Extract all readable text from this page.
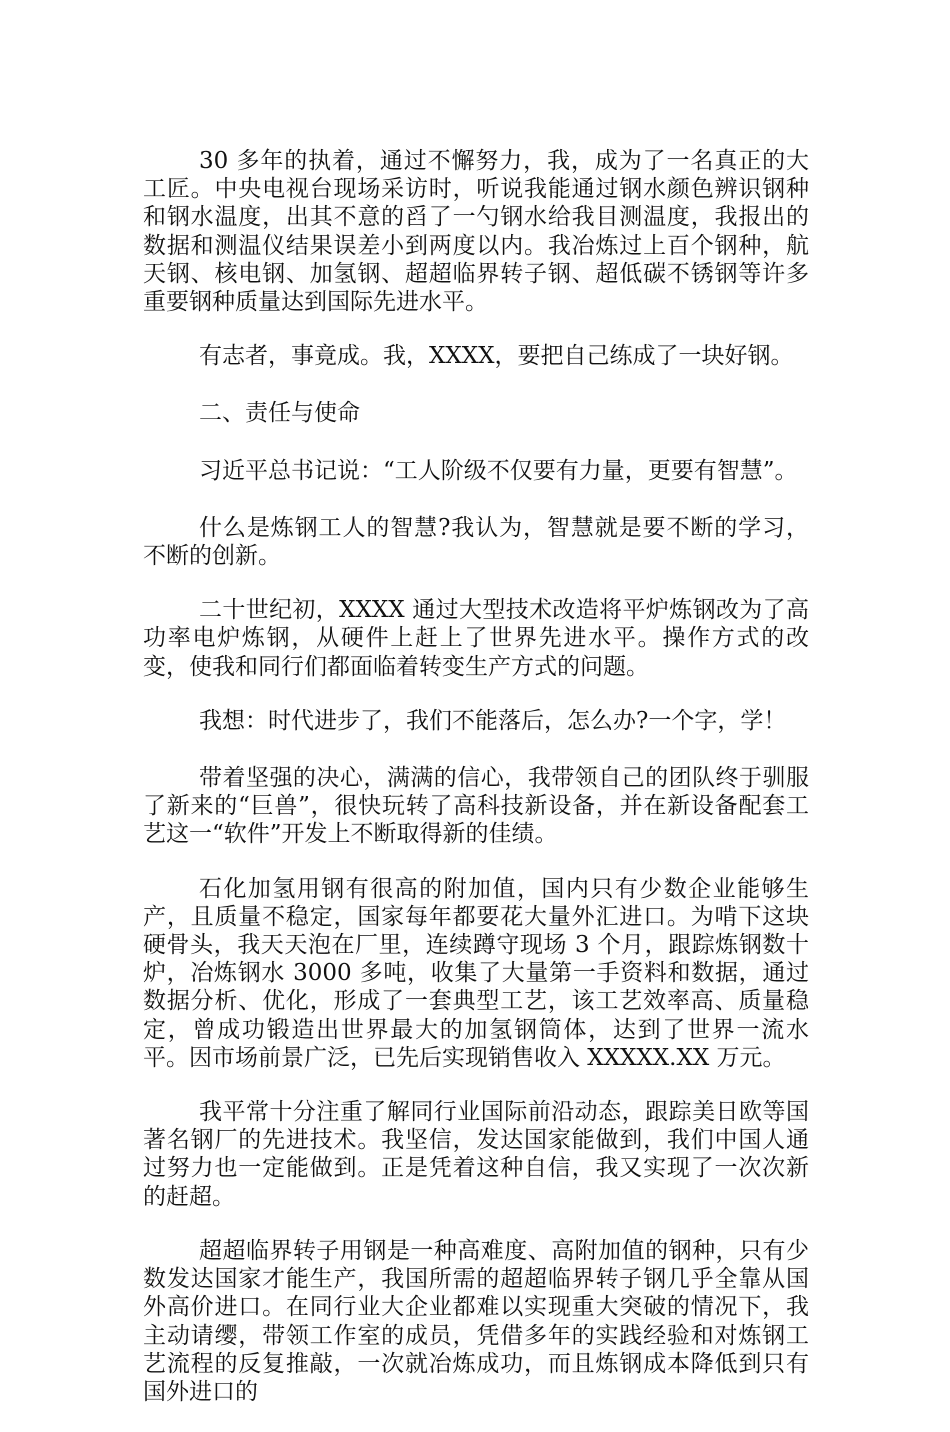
30 多年的执着，通过不懈努力，我，成为了一名真正的大工匠。中央电视台现场采访时，听说我能通过钢水颜色辨识钢种和钢水温度，出其不意的舀了一勺钢水给我目测温度，我报出的数据和测温仪结果误差小到两度以内。我冶炼过上百个钢种，航天钢、核电钢、加氢钢、超超临界转子钢、超低碳不锈钢等许多重要钢种质量达到国际先进水平。

有志者，事竟成。我，XXXX，要把自己练成了一块好钢。

二、责任与使命

习近平总书记说：“工人阶级不仅要有力量，更要有智慧”。

什么是炼钢工人的智慧?我认为，智慧就是要不断的学习，不断的创新。

二十世纪初，XXXX 通过大型技术改造将平炉炼钢改为了高功率电炉炼钢，从硬件上赶上了世界先进水平。操作方式的改变，使我和同行们都面临着转变生产方式的问题。

我想：时代进步了，我们不能落后，怎么办?一个字，学！

带着坚强的决心，满满的信心，我带领自己的团队终于驯服了新来的“巨兽”，很快玩转了高科技新设备，并在新设备配套工艺这一“软件”开发上不断取得新的佳绩。

石化加氢用钢有很高的附加值，国内只有少数企业能够生产，且质量不稳定，国家每年都要花大量外汇进口。为啃下这块硬骨头，我天天泡在厂里，连续蹲守现场 3 个月，跟踪炼钢数十炉，冶炼钢水 3000 多吨，收集了大量第一手资料和数据，通过数据分析、优化，形成了一套典型工艺，该工艺效率高、质量稳定，曾成功锻造出世界最大的加氢钢筒体，达到了世界一流水平。因市场前景广泛，已先后实现销售收入 XXXXX.XX 万元。

我平常十分注重了解同行业国际前沿动态，跟踪美日欧等国著名钢厂的先进技术。我坚信，发达国家能做到，我们中国人通过努力也一定能做到。正是凭着这种自信，我又实现了一次次新的赶超。

超超临界转子用钢是一种高难度、高附加值的钢种，只有少数发达国家才能生产，我国所需的超超临界转子钢几乎全靠从国外高价进口。在同行业大企业都难以实现重大突破的情况下，我主动请缨，带领工作室的成员，凭借多年的实践经验和对炼钢工艺流程的反复推敲，一次就冶炼成功，而且炼钢成本降低到只有国外进口的
